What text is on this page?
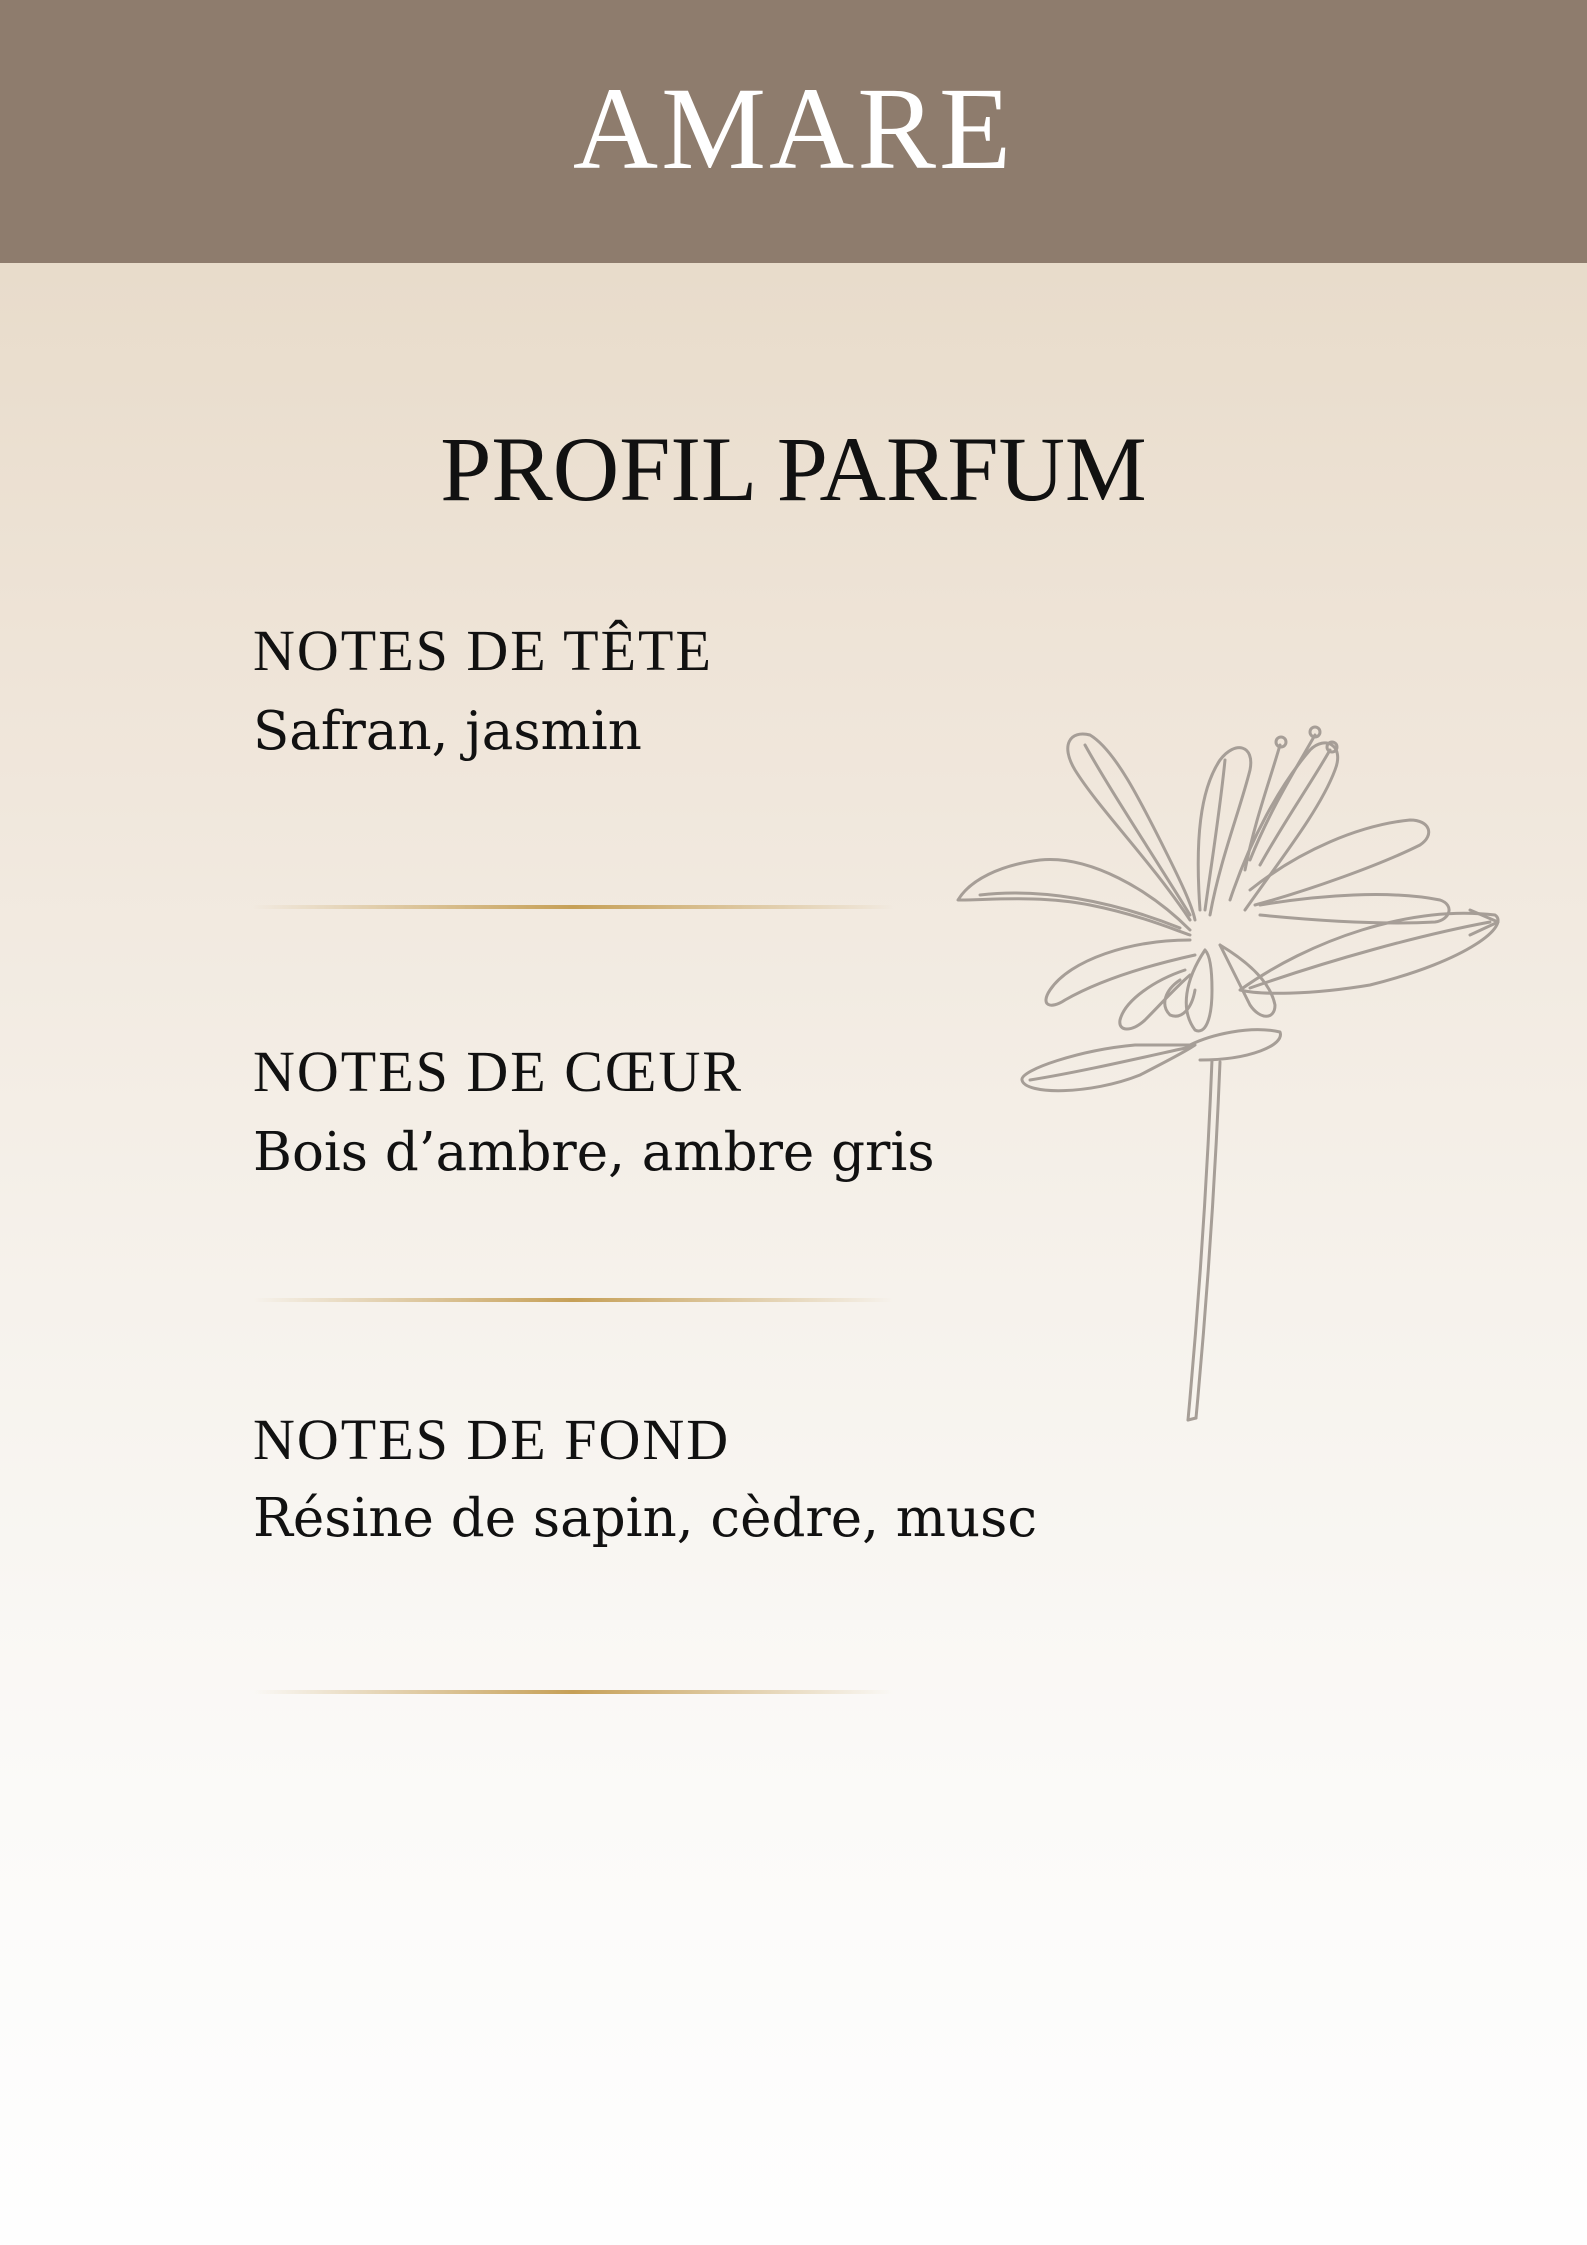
AMARE
PROFIL PARFUM
NOTES DE TÊTE
Safran, jasmin
NOTES DE CŒUR
Bois d’ambre, ambre gris
NOTES DE FOND
Résine de sapin, cèdre, musc
